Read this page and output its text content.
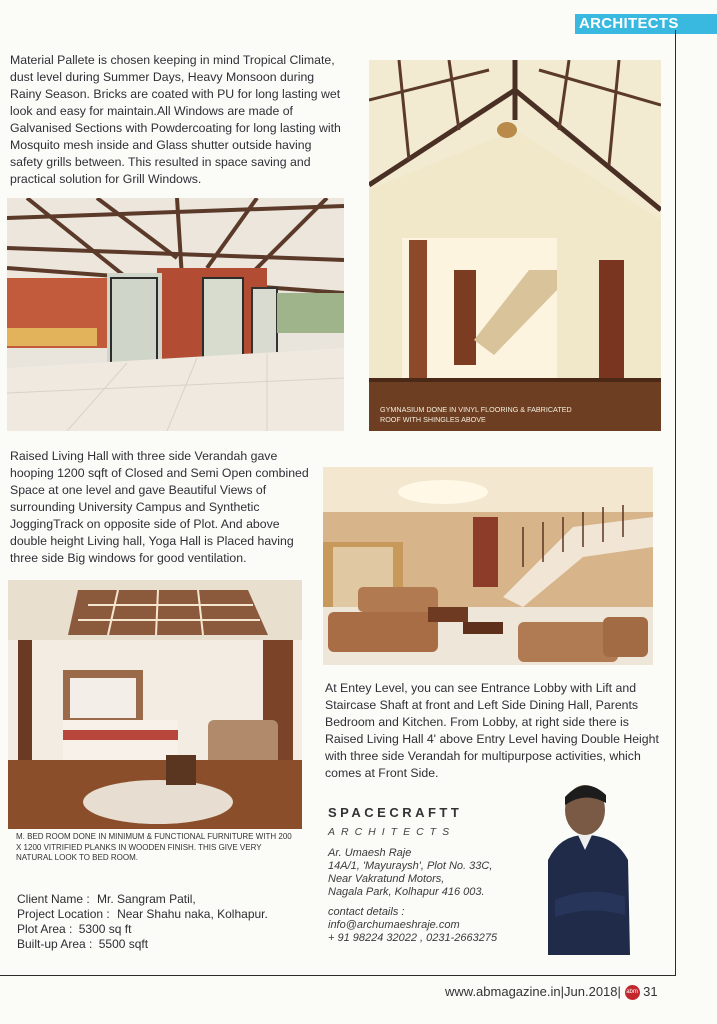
ARCHITECTS
Material Pallete is chosen keeping in mind Tropical Climate, dust level during Summer Days, Heavy Monsoon during Rainy Season. Bricks are coated with PU for long lasting wet look and easy for maintain.All Windows are made of Galvanised Sections with Powdercoating for long lasting with Mosquito mesh inside and Glass shutter outside having safety grills between. This resulted in space saving and practical solution for Grill Windows.
GYMNASIUM DONE IN VINYL FLOORING & FABRICATED ROOF WITH SHINGLES ABOVE
Raised Living Hall with three side Verandah gave hooping 1200 sqft of Closed and Semi Open combined Space at one level and gave Beautiful Views of surrounding University Campus and Synthetic JoggingTrack on opposite side of Plot. And above double height Living hall, Yoga Hall is Placed having three side Big windows for good ventilation.
M. BED ROOM DONE IN MINIMUM & FUNCTIONAL FURNITURE WITH 200 X 1200 VITRIFIED PLANKS IN WOODEN FINISH. THIS GIVE VERY NATURAL LOOK TO BED ROOM.
At Entey Level, you can see Entrance Lobby with Lift and Staircase Shaft at front and Left Side Dining Hall, Parents Bedroom and Kitchen. From Lobby, at right side there is Raised Living Hall 4' above Entry Level having Double Height with three side Verandah for multipurpose activities, which comes at Front Side.
Client Name : Mr. Sangram Patil,
Project Location : Near Shahu naka, Kolhapur.
Plot Area : 5300 sq ft
Built-up Area : 5500 sqft
SPACECRAFTT
ARCHITECTS
Ar. Umaesh Raje
14A/1, 'Mayuraysh', Plot No. 33C,
Near Vakratund Motors,
Nagala Park, Kolhapur 416 003.
contact details :
info@archumaeshraje.com
+ 91 98224 32022 , 0231-2663275
www.abmagazine.in|Jun.2018| abm 31
